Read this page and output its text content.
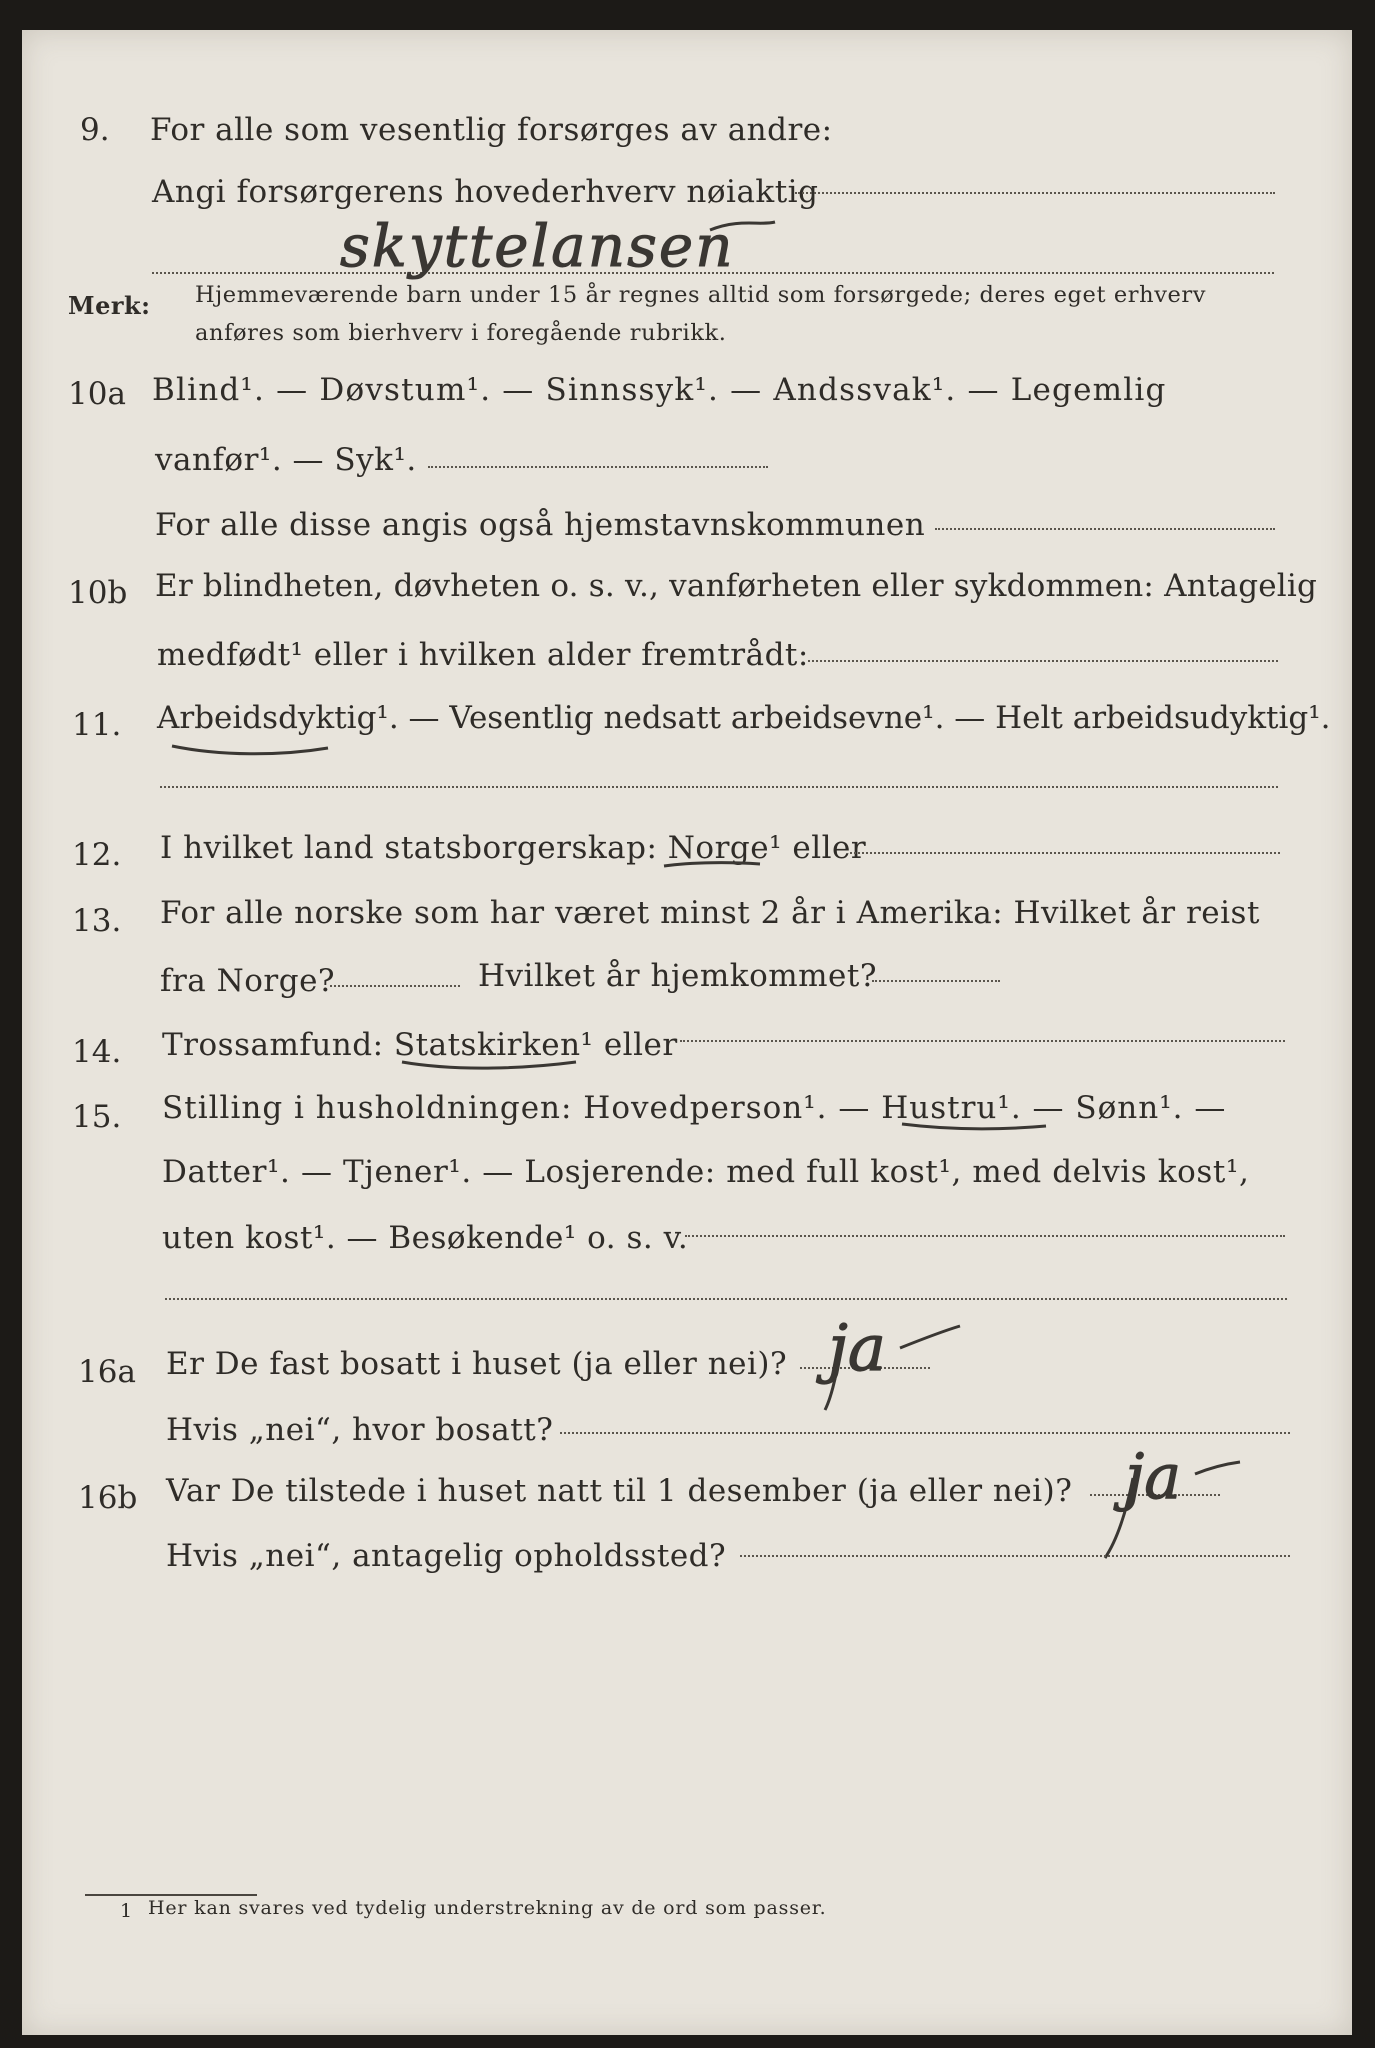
9. For alle som vesentlig forsørges av andre:
Angi forsørgerens hovederhverv nøiaktig
skyttelansen
Merk: Hjemmeværende barn under 15 år regnes alltid som forsørgede; deres eget erhverv
anføres som bierhverv i foregående rubrikk.
10a Blind¹. — Døvstum¹. — Sinnssyk¹. — Andssvak¹. — Legemlig
vanfør¹. — Syk¹.
For alle disse angis også hjemstavnskommunen
10b Er blindheten, døvheten o. s. v., vanførheten eller sykdommen: Antagelig
medfødt¹ eller i hvilken alder fremtrådt:
11. Arbeidsdyktig¹. — Vesentlig nedsatt arbeidsevne¹. — Helt arbeidsudyktig¹.
12. I hvilket land statsborgerskap: Norge¹ eller
13. For alle norske som har været minst 2 år i Amerika: Hvilket år reist
fra Norge?	Hvilket år hjemkommet?
14. Trossamfund: Statskirken¹ eller
15. Stilling i husholdningen: Hovedperson¹. — Hustru¹. — Sønn¹. —
Datter¹. — Tjener¹. — Losjerende: med full kost¹, med delvis kost¹,
uten kost¹. — Besøkende¹ o. s. v.
16a Er De fast bosatt i huset (ja eller nei)? ja
Hvis „nei“, hvor bosatt?
16b Var De tilstede i huset natt til 1 desember (ja eller nei)? ja
Hvis „nei“, antagelig opholdssted?
1 Her kan svares ved tydelig understrekning av de ord som passer.
